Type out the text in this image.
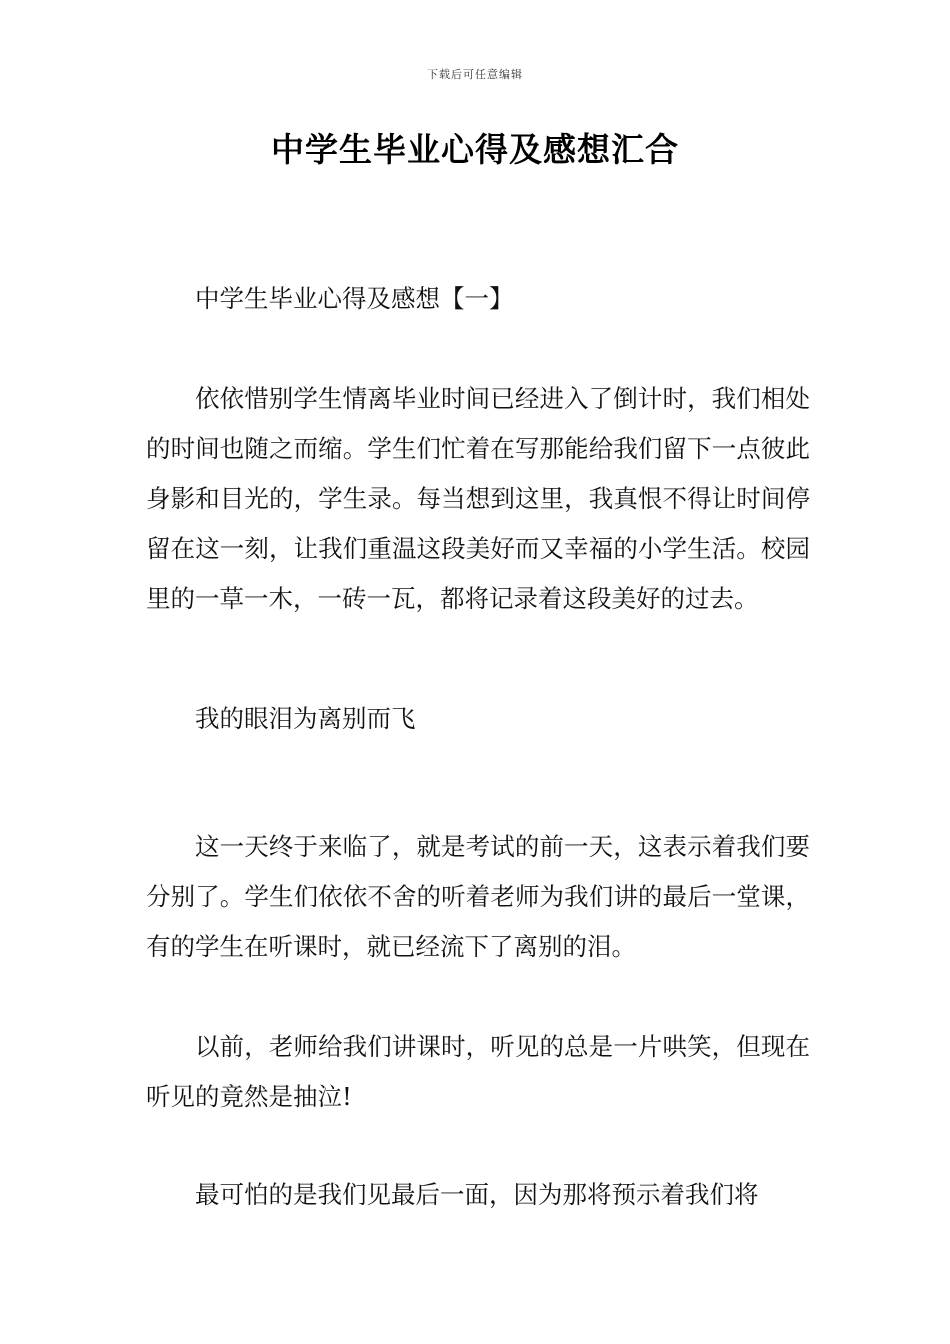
下载后可任意编辑
中学生毕业心得及感想汇合
中学生毕业心得及感想【一】
依依惜别学生情离毕业时间已经进入了倒计时，我们相处的时间也随之而缩。学生们忙着在写那能给我们留下一点彼此身影和目光的，学生录。每当想到这里，我真恨不得让时间停留在这一刻，让我们重温这段美好而又幸福的小学生活。校园里的一草一木，一砖一瓦，都将记录着这段美好的过去。
我的眼泪为离别而飞
这一天终于来临了，就是考试的前一天，这表示着我们要分别了。学生们依依不舍的听着老师为我们讲的最后一堂课，有的学生在听课时，就已经流下了离别的泪。
以前，老师给我们讲课时，听见的总是一片哄笑，但现在听见的竟然是抽泣!
最可怕的是我们见最后一面，因为那将预示着我们将
